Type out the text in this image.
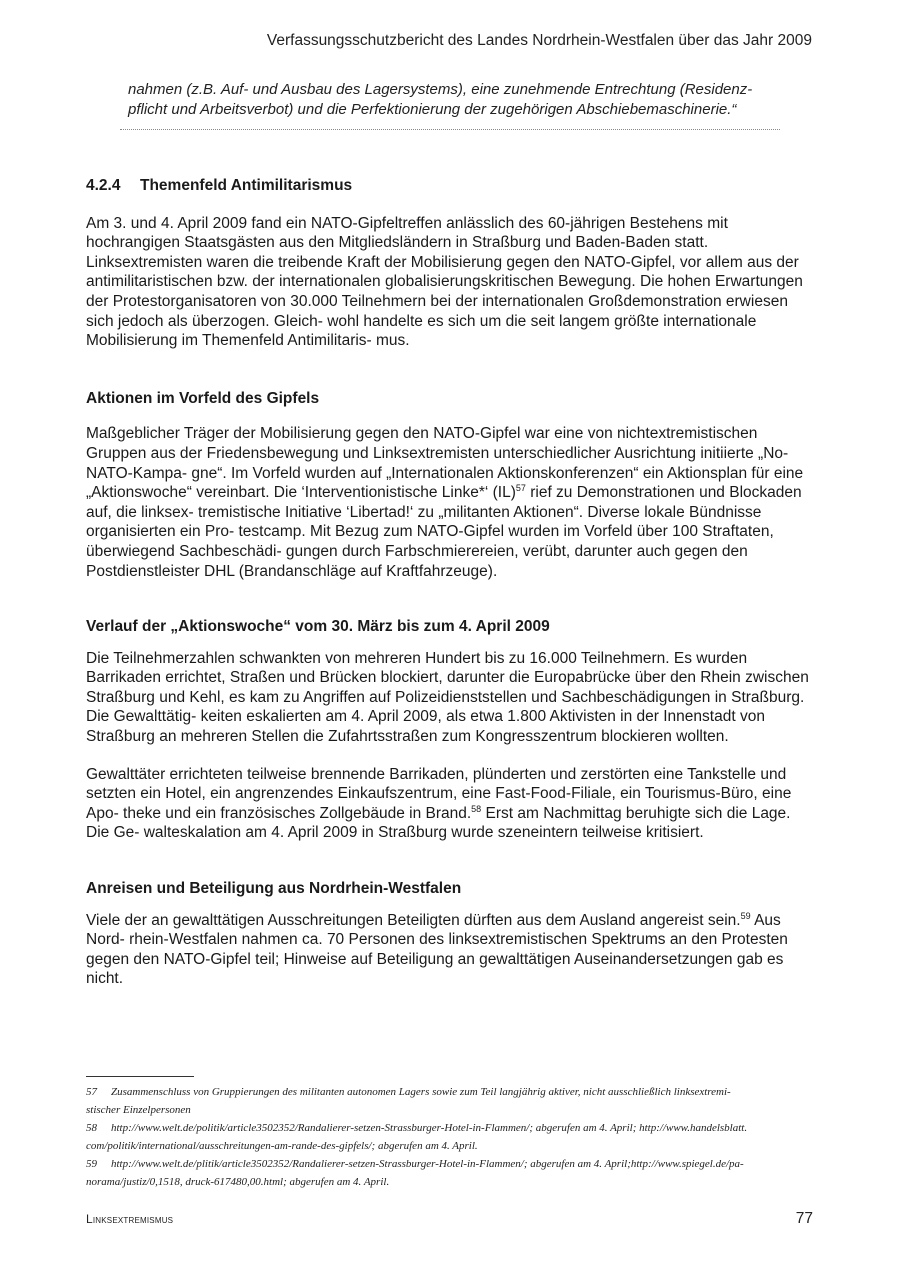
Verfassungsschutzbericht des Landes Nordrhein-Westfalen über das Jahr 2009
nahmen (z.B. Auf- und Ausbau des Lagersystems), eine zunehmende Entrechtung (Residenz- pflicht und Arbeitsverbot) und die Perfektionierung der zugehörigen Abschiebemaschinerie.“
4.2.4 Themenfeld Antimilitarismus

Am 3. und 4. April 2009 fand ein NATO-Gipfeltreffen anlässlich des 60-jährigen Bestehens mit hochrangigen Staatsgästen aus den Mitgliedsländern in Straßburg und Baden-Baden statt. Linksextremisten waren die treibende Kraft der Mobilisierung gegen den NATO-Gipfel, vor allem aus der antimilitaristischen bzw. der internationalen globalisierungskritischen Bewegung. Die hohen Erwartungen der Protestorganisatoren von 30.000 Teilnehmern bei der internationalen Großdemonstration erwiesen sich jedoch als überzogen. Gleich- wohl handelte es sich um die seit langem größte internationale Mobilisierung im Themenfeld Antimilitaris- mus.

Aktionen im Vorfeld des Gipfels

Maßgeblicher Träger der Mobilisierung gegen den NATO-Gipfel war eine von nichtextremistischen Gruppen aus der Friedensbewegung und Linksextremisten unterschiedlicher Ausrichtung initiierte „No-NATO-Kampa- gne“. Im Vorfeld wurden auf „Internationalen Aktionskonferenzen“ ein Aktionsplan für eine „Aktionswoche“ vereinbart. Die ‘Interventionistische Linke*‘ (IL)$^{57}$ rief zu Demonstrationen und Blockaden auf, die linksex- tremistische Initiative ‘Libertad!‘ zu „militanten Aktionen“. Diverse lokale Bündnisse organisierten ein Pro- testcamp. Mit Bezug zum NATO-Gipfel wurden im Vorfeld über 100 Straftaten, überwiegend Sachbeschädi- gungen durch Farbschmierereien, verübt, darunter auch gegen den Postdienstleister DHL (Brandanschläge auf Kraftfahrzeuge).

Verlauf der „Aktionswoche“ vom 30. März bis zum 4. April 2009

Die Teilnehmerzahlen schwankten von mehreren Hundert bis zu 16.000 Teilnehmern. Es wurden Barrikaden errichtet, Straßen und Brücken blockiert, darunter die Europabrücke über den Rhein zwischen Straßburg und Kehl, es kam zu Angriffen auf Polizeidienststellen und Sachbeschädigungen in Straßburg. Die Gewalttätig- keiten eskalierten am 4. April 2009, als etwa 1.800 Aktivisten in der Innenstadt von Straßburg an mehreren Stellen die Zufahrtsstraßen zum Kongresszentrum blockieren wollten.

Gewalttäter errichteten teilweise brennende Barrikaden, plünderten und zerstörten eine Tankstelle und setzten ein Hotel, ein angrenzendes Einkaufszentrum, eine Fast-Food-Filiale, ein Tourismus-Büro, eine Apo- theke und ein französisches Zollgebäude in Brand.$^{58}$ Erst am Nachmittag beruhigte sich die Lage. Die Ge- walteskalation am 4. April 2009 in Straßburg wurde szeneintern teilweise kritisiert.

Anreisen und Beteiligung aus Nordrhein-Westfalen

Viele der an gewalttätigen Ausschreitungen Beteiligten dürften aus dem Ausland angereist sein.$^{59}$ Aus Nord- rhein-Westfalen nahmen ca. 70 Personen des linksextremistischen Spektrums an den Protesten gegen den NATO-Gipfel teil; Hinweise auf Beteiligung an gewalttätigen Auseinandersetzungen gab es nicht.

57 Zusammenschluss von Gruppierungen des militanten autonomen Lagers sowie zum Teil langjährig aktiver, nicht ausschließlich linksextremi-

stischer Einzelpersonen

58 http://www.welt.de/politik/article3502352/Randalierer-setzen-Strassburger-Hotel-in-Flammen/; abgerufen am 4. April; http://www.handelsblatt.

com/politik/international/ausschreitungen-am-rande-des-gipfels/; abgerufen am 4. April.

59 http://www.welt.de/plitik/article3502352/Randalierer-setzen-Strassburger-Hotel-in-Flammen/; abgerufen am 4. April;http://www.spiegel.de/pa-

norama/justiz/0,1518, druck-617480,00.html; abgerufen am 4. April.

Linksextremismus	77
